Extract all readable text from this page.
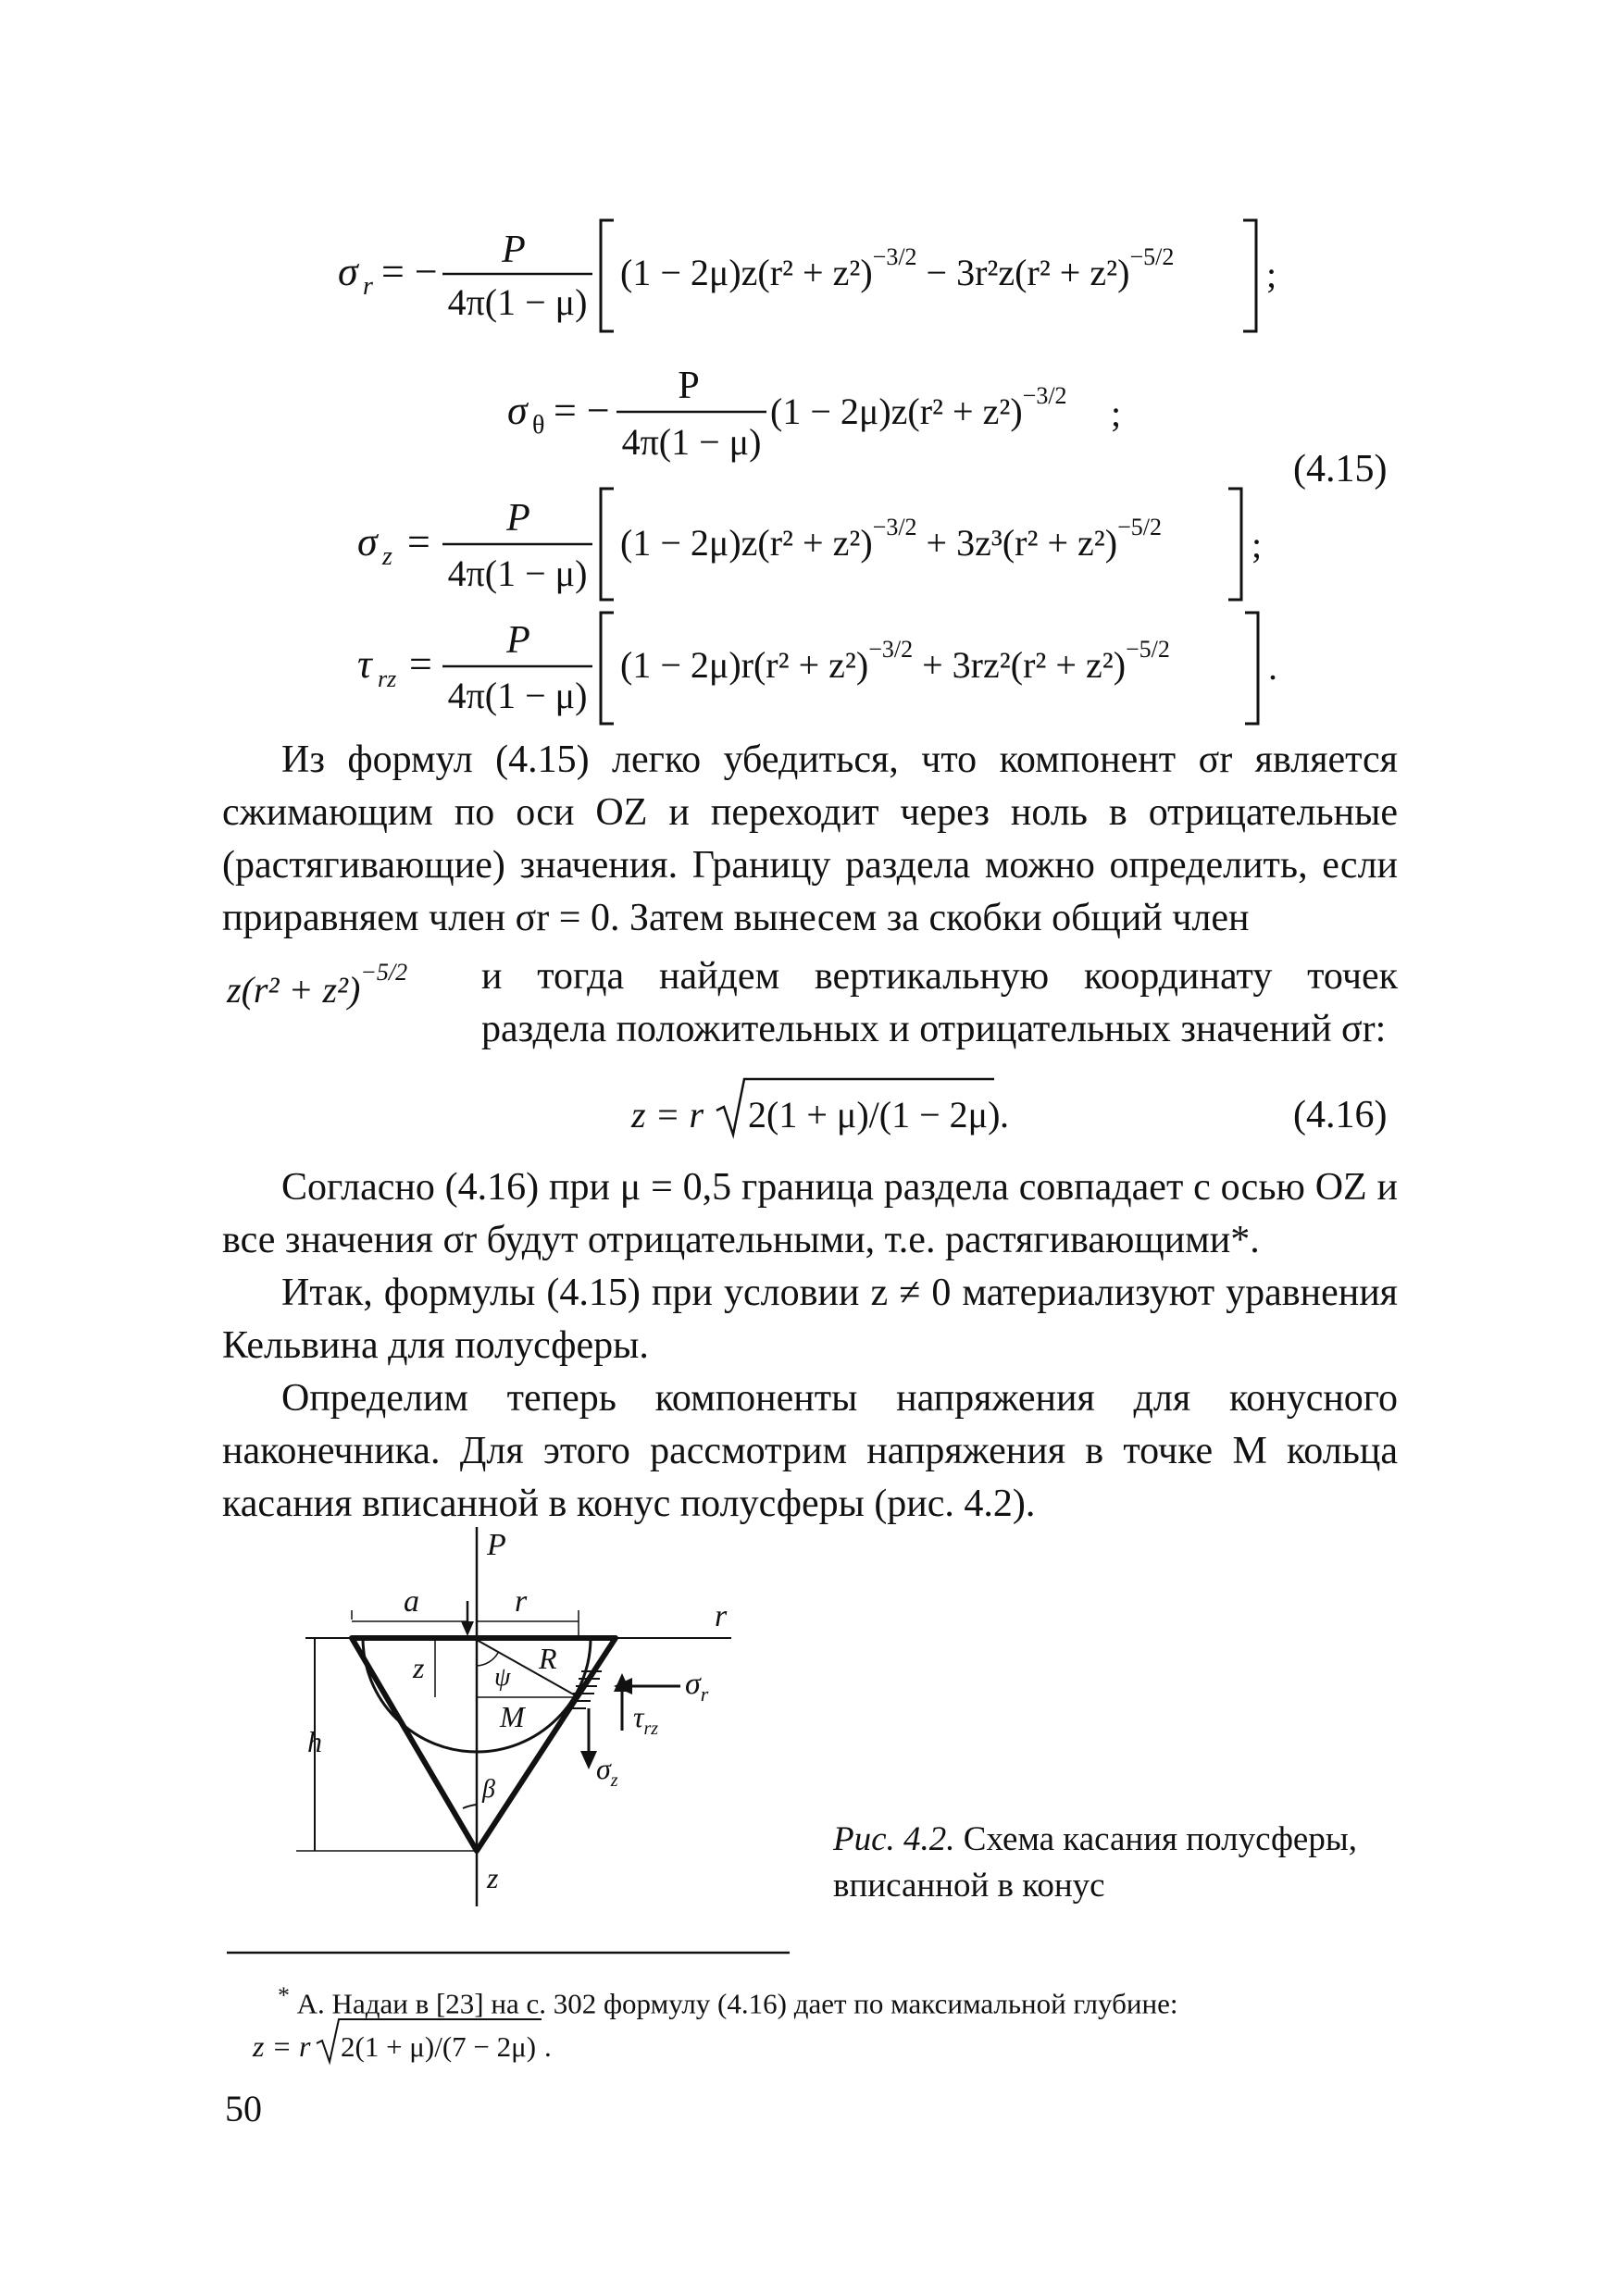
σ r = − P
4π(1 − μ)
$(1 - 2\mu)z(r^2 + z^2)^{-3/2} - 3r^2z(r^2 + z^2)^{-5/2}$ ;
σ θ = −
P
4π(1 − μ)
$(1 - 2\mu)z(r^2 + z^2)^{-3/2}$ ;
(4.15)
σ z =
P
4π(1 − μ)
$(1 - 2\mu)z(r^2 + z^2)^{-3/2} + 3z^3(r^2 + z^2)^{-5/2}$ ;
τ rz =
P
4π(1 − μ)
$(1 - 2\mu)r(r^2 + z^2)^{-3/2} + 3rz^2(r^2 + z^2)^{-5/2}$	.
$z(r^2 + z^2)^{-5/2}$
z = r 2(1 + μ)/(1 − 2μ) .	(4.16)
P
a	r	r
z	ψ
R
M
h
β
z
$\sigma_r$
$\tau_{rz}$
$\sigma_z$
z = r 2(1 + μ)/(7 − 2μ) .

Из формул (4.15) легко убедиться, что компонент σr является сжимающим по оси OZ и переходит через ноль в отрицательные (растягивающие) значения. Границу раздела можно определить, если приравняем член σr = 0. Затем вынесем за скобки общий член

и тогда найдем вертикальную координату точек раздела положительных и отрицательных значений σr:

Согласно (4.16) при μ = 0,5 граница раздела совпадает с осью OZ и все значения σr будут отрицательными, т.е. растягивающими*.

Итак, формулы (4.15) при условии z ≠ 0 материализуют уравнения Кельвина для полусферы.

Определим теперь компоненты напряжения для конусного наконечника. Для этого рассмотрим напряжения в точке M кольца касания вписанной в конус полусферы (рис. 4.2).

Рис. 4.2. Схема касания полусферы, вписанной в конус
* А. Надаи в [23] на с. 302 формулу (4.16) дает по максимальной глубине:
50
